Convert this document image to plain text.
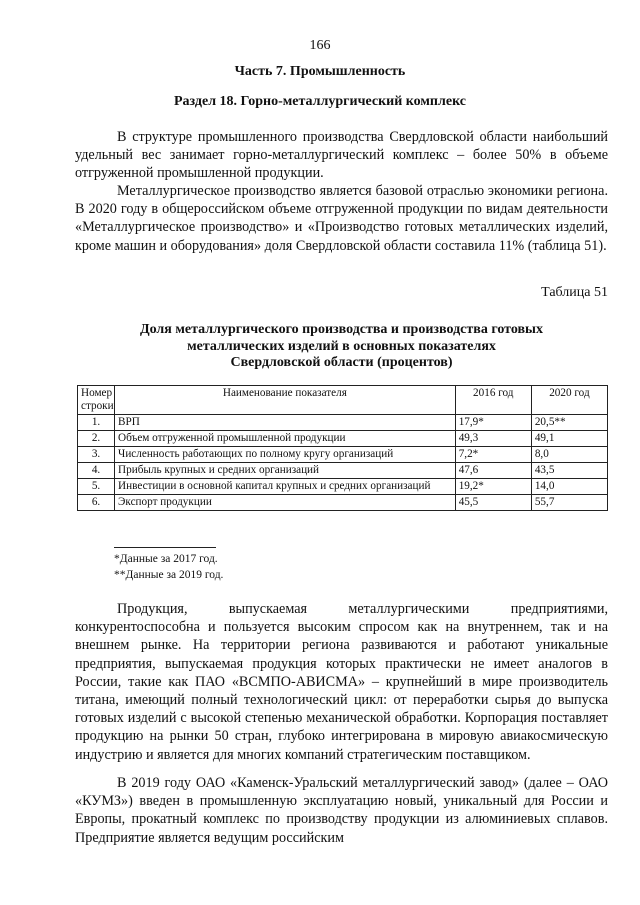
166
Часть 7. Промышленность
Раздел 18. Горно-металлургический комплекс

В структуре промышленного производства Свердловской области наибольший удельный вес занимает горно-металлургический комплекс – более 50% в объеме отгруженной промышленной продукции.

Металлургическое производство является базовой отраслью экономики региона. В 2020 году в общероссийском объеме отгруженной продукции по видам деятельности «Металлургическое производство» и «Производство готовых металлических изделий, кроме машин и оборудования» доля Свердловской области составила 11% (таблица 51).

Таблица 51
Доля металлургического производства и производства готовых
металлических изделий в основных показателях
Свердловской области (процентов)
Номер строки	Наименование показателя	2016 год	2020 год
1.	ВРП	17,9*	20,5**
2.	Объем отгруженной промышленной продукции	49,3	49,1
3.	Численность работающих по полному кругу организаций	7,2*	8,0
4.	Прибыль крупных и средних организаций	47,6	43,5
5.	Инвестиции в основной капитал крупных и средних организаций	19,2*	14,0
6.	Экспорт продукции	45,5	55,7
*Данные за 2017 год.
**Данные за 2019 год.

Продукция, выпускаемая металлургическими предприятиями, конкурентоспособна и пользуется высоким спросом как на внутреннем, так и на внешнем рынке. На территории региона развиваются и работают уникальные предприятия, выпускаемая продукция которых практически не имеет аналогов в России, такие как ПАО «ВСМПО-АВИСМА» – крупнейший в мире производитель титана, имеющий полный технологический цикл: от переработки сырья до выпуска готовых изделий с высокой степенью механической обработки. Корпорация поставляет продукцию на рынки 50 стран, глубоко интегрирована в мировую авиакосмическую индустрию и является для многих компаний стратегическим поставщиком.

В 2019 году ОАО «Каменск-Уральский металлургический завод» (далее – ОАО «КУМЗ») введен в промышленную эксплуатацию новый, уникальный для России и Европы, прокатный комплекс по производству продукции из алюминиевых сплавов. Предприятие является ведущим российским
